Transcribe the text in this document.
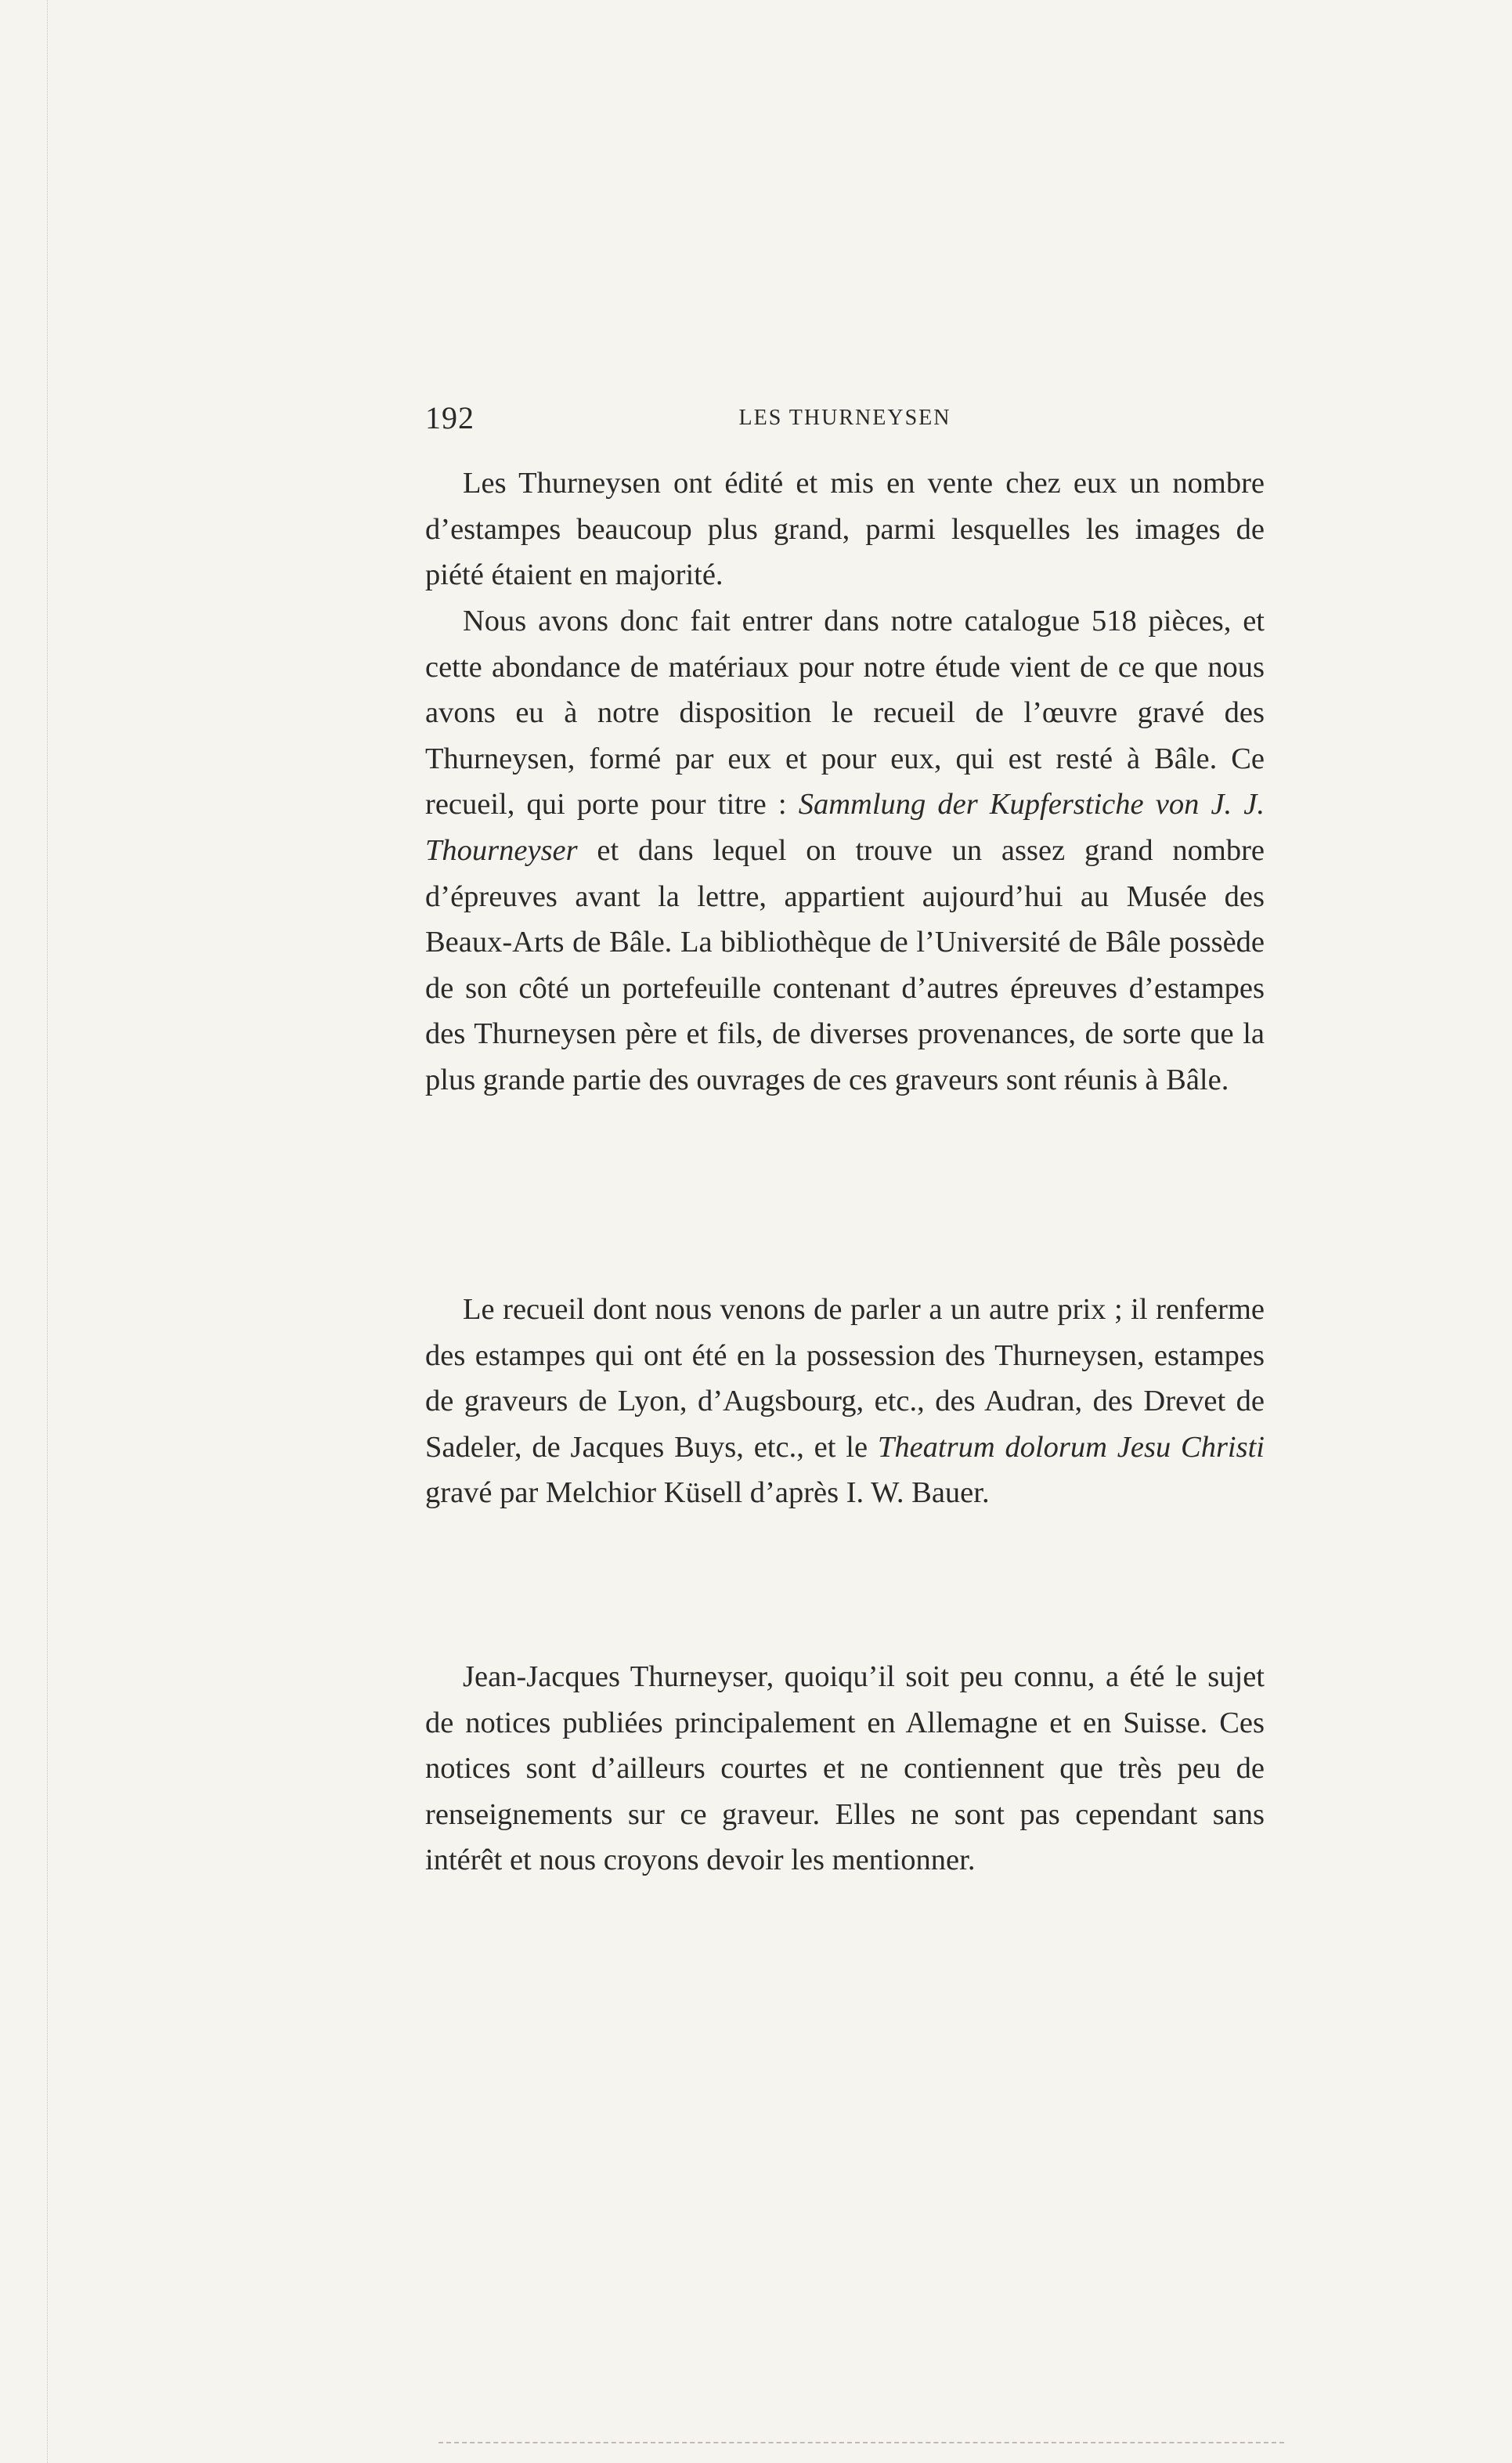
192	LES THURNEYSEN

Les Thurneysen ont édité et mis en vente chez eux un nombre d’estampes beaucoup plus grand, parmi lesquelles les images de piété étaient en majorité.

Nous avons donc fait entrer dans notre catalogue 518 pièces, et cette abondance de matériaux pour notre étude vient de ce que nous avons eu à notre disposition le recueil de l’œuvre gravé des Thurneysen, formé par eux et pour eux, qui est resté à Bâle. Ce recueil, qui porte pour titre : Sammlung der Kupferstiche von J. J. Thourneyser et dans lequel on trouve un assez grand nombre d’épreuves avant la lettre, appartient aujourd’hui au Musée des Beaux-Arts de Bâle. La bibliothèque de l’Université de Bâle possède de son côté un portefeuille contenant d’autres épreuves d’estampes des Thurneysen père et fils, de diverses provenances, de sorte que la plus grande partie des ouvrages de ces graveurs sont réunis à Bâle.

Le recueil dont nous venons de parler a un autre prix ; il renferme des estampes qui ont été en la possession des Thurneysen, estampes de graveurs de Lyon, d’Augsbourg, etc., des Audran, des Drevet de Sadeler, de Jacques Buys, etc., et le Theatrum dolorum Jesu Christi gravé par Melchior Küsell d’après I. W. Bauer.

Jean-Jacques Thurneyser, quoiqu’il soit peu connu, a été le sujet de notices publiées principalement en Allemagne et en Suisse. Ces notices sont d’ailleurs courtes et ne contiennent que très peu de renseignements sur ce graveur. Elles ne sont pas cependant sans intérêt et nous croyons devoir les mentionner.
